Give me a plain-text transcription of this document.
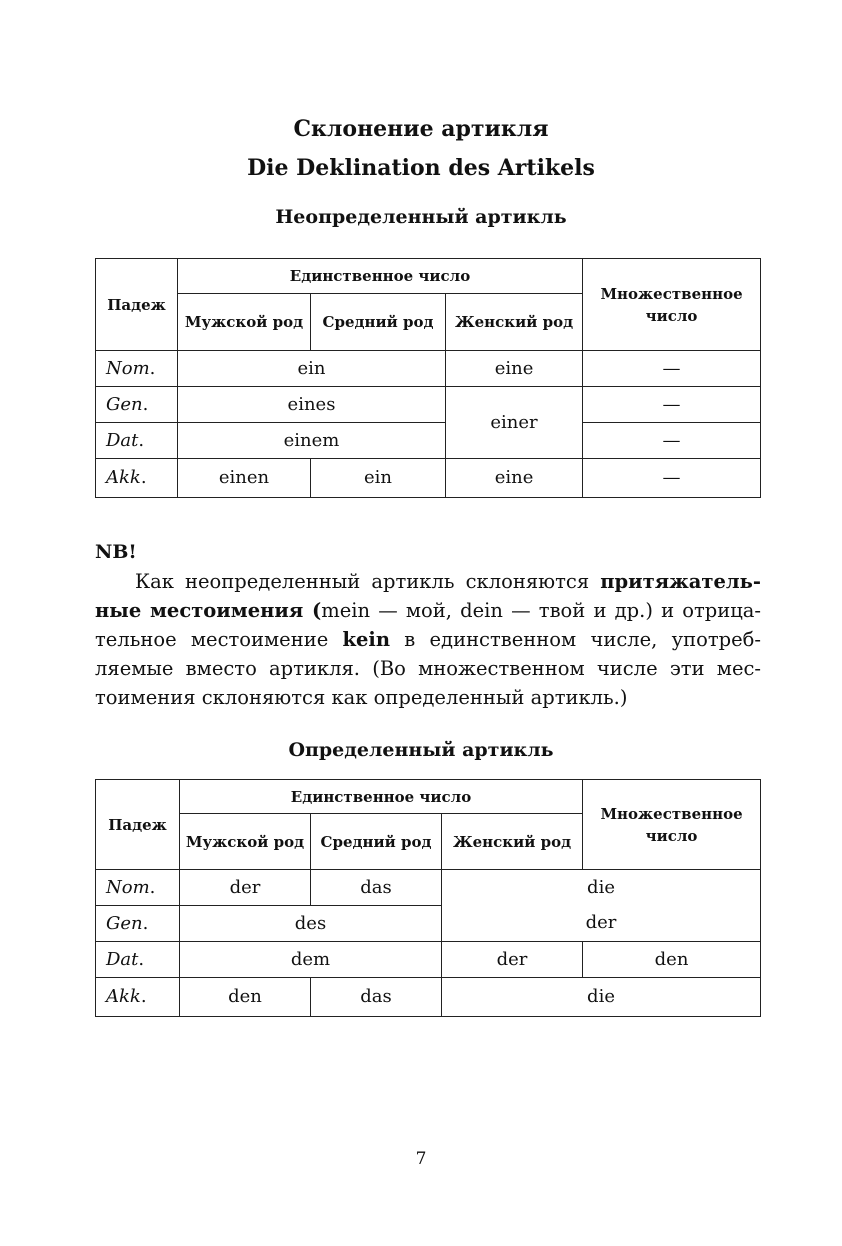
Склонение артикля
Die Deklination des Artikels
Неопределенный артикль
Падеж	Единственное число			Множественное число
	Мужской род	Средний род	Женский род	
Nom.	ein		eine	—
Gen.	eines		einer	—
Dat.	einem			—
Akk.	einen	ein	eine	—

NB!

Как неопределенный артикль склоняются притяжательные местоимения (mein — мой, dein — твой и др.) и отрицательное местоимение kein в единственном числе, употребляемые вместо артикля. (Во множественном числе эти местоимения склоняются как определенный артикль.)

Определенный артикль
Падеж	Единственное число			Множественное число
	Мужской род	Средний род	Женский род	
Nom.	der	das	die	
Gen.	des		der	
Dat.	dem		der	den
Akk.	den	das	die	

7
